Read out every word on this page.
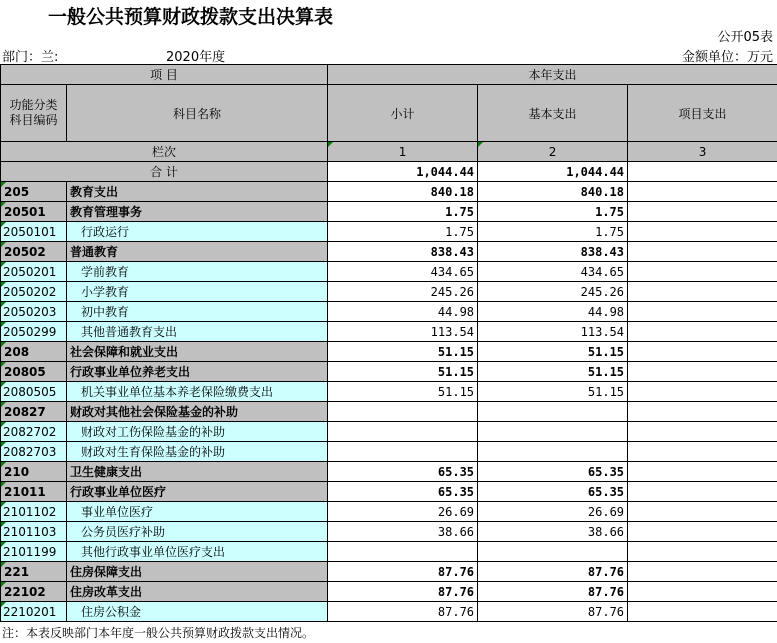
一般公共预算财政拨款支出决算表
公开05表
部门：兰:	2020年度	金额单位：万元
项 目		本年支出		
功能分类科目编码	科目名称	小计	基本支出	项目支出
栏次		1	2	3
合 计		1,044.44	1,044.44	
205	教育支出	840.18	840.18	
20501	教育管理事务	1.75	1.75	
2050101	行政运行	1.75	1.75	
20502	普通教育	838.43	838.43	
2050201	学前教育	434.65	434.65	
2050202	小学教育	245.26	245.26	
2050203	初中教育	44.98	44.98	
2050299	其他普通教育支出	113.54	113.54	
208	社会保障和就业支出	51.15	51.15	
20805	行政事业单位养老支出	51.15	51.15	
2080505	机关事业单位基本养老保险缴费支出	51.15	51.15	
20827	财政对其他社会保险基金的补助			
2082702	财政对工伤保险基金的补助			
2082703	财政对生育保险基金的补助			
210	卫生健康支出	65.35	65.35	
21011	行政事业单位医疗	65.35	65.35	
2101102	事业单位医疗	26.69	26.69	
2101103	公务员医疗补助	38.66	38.66	
2101199	其他行政事业单位医疗支出			
221	住房保障支出	87.76	87.76	
22102	住房改革支出	87.76	87.76	
2210201	住房公积金	87.76	87.76	
注：本表反映部门本年度一般公共预算财政拨款支出情况。
